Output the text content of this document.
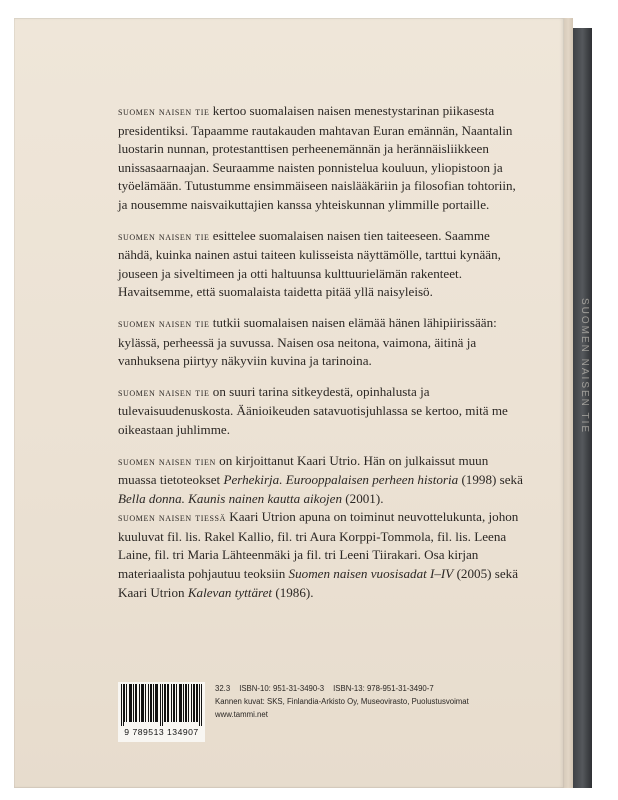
suomen naisen tie kertoo suomalaisen naisen menestystarinan piikasesta presidentiksi. Tapaamme rautakauden mahtavan Euran emännän, Naantalin luostarin nunnan, protestanttisen perheenemännän ja herännäisliikkeen unissasaarnaajan. Seuraamme naisten ponnistelua kouluun, yliopistoon ja työelämään. Tutustumme ensimmäiseen naislääkäriin ja filosofian tohtoriin, ja nousemme naisvaikuttajien kanssa yhteiskunnan ylimmille portaille.

suomen naisen tie esittelee suomalaisen naisen tien taiteeseen. Saamme nähdä, kuinka nainen astui taiteen kulisseista näyttämölle, tarttui kynään, jouseen ja siveltimeen ja otti haltuunsa kulttuurielämän rakenteet. Havaitsemme, että suomalaista taidetta pitää yllä naisyleisö.

suomen naisen tie tutkii suomalaisen naisen elämää hänen lähipiirissään: kylässä, perheessä ja suvussa. Naisen osa neitona, vaimona, äitinä ja vanhuksena piirtyy näkyviin kuvina ja tarinoina.

suomen naisen tie on suuri tarina sitkeydestä, opinhalusta ja tulevaisuudenuskosta. Äänioikeuden satavuotisjuhlassa se kertoo, mitä me oikeastaan juhlimme.

suomen naisen tien on kirjoittanut Kaari Utrio. Hän on julkaissut muun muassa tietoteokset Perhekirja. Eurooppalaisen perheen historia (1998) sekä Bella donna. Kaunis nainen kautta aikojen (2001).

suomen naisen tiessä Kaari Utrion apuna on toiminut neuvottelukunta, johon kuuluvat fil. lis. Rakel Kallio, fil. tri Aura Korppi-Tommola, fil. lis. Leena Laine, fil. tri Maria Lähteenmäki ja fil. tri Leeni Tiirakari. Osa kirjan materiaalista pohjautuu teoksiin Suomen naisen vuosisadat I–IV (2005) sekä Kaari Utrion Kalevan tyttäret (1986).

9 789513 134907
32.3 ISBN-10: 951-31-3490-3 ISBN-13: 978-951-31-3490-7
Kannen kuvat: SKS, Finlandia-Arkisto Oy, Museovirasto, Puolustusvoimat
www.tammi.net
SUOMEN NAISEN TIE
